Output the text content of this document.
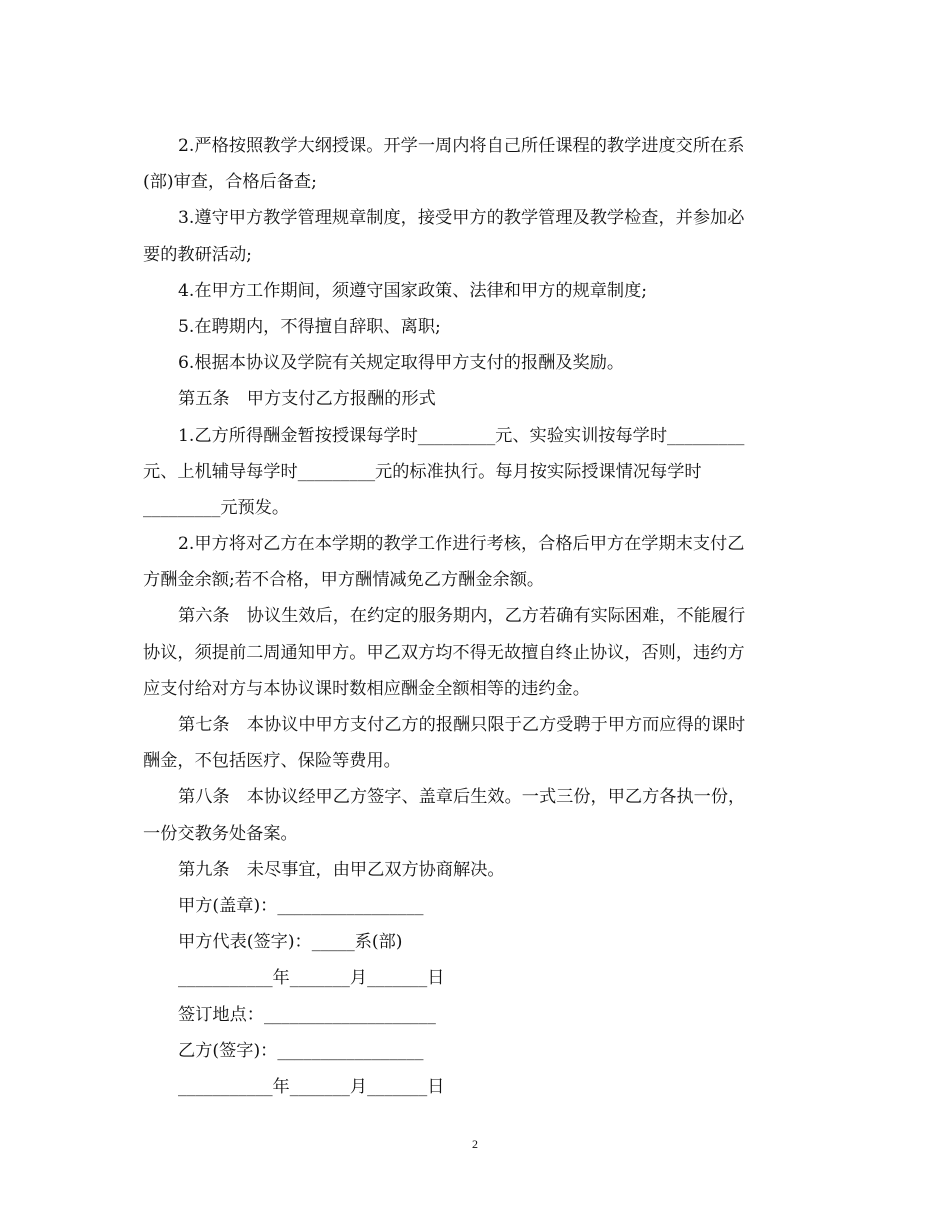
2.严格按照教学大纲授课。开学一周内将自己所任课程的教学进度交所在系
(部)审查，合格后备查;
3.遵守甲方教学管理规章制度，接受甲方的教学管理及教学检查，并参加必
要的教研活动;
4.在甲方工作期间，须遵守国家政策、法律和甲方的规章制度;
5.在聘期内，不得擅自辞职、离职;
6.根据本协议及学院有关规定取得甲方支付的报酬及奖励。
第五条　甲方支付乙方报酬的形式
1.乙方所得酬金暂按授课每学时_________元、实验实训按每学时_________
元、上机辅导每学时_________元的标准执行。每月按实际授课情况每学时
_________元预发。
2.甲方将对乙方在本学期的教学工作进行考核，合格后甲方在学期末支付乙
方酬金余额;若不合格，甲方酬情减免乙方酬金余额。
第六条　协议生效后，在约定的服务期内，乙方若确有实际困难，不能履行
协议，须提前二周通知甲方。甲乙双方均不得无故擅自终止协议，否则，违约方
应支付给对方与本协议课时数相应酬金全额相等的违约金。
第七条　本协议中甲方支付乙方的报酬只限于乙方受聘于甲方而应得的课时
酬金，不包括医疗、保险等费用。
第八条　本协议经甲乙方签字、盖章后生效。一式三份，甲乙方各执一份，
一份交教务处备案。
第九条　未尽事宜，由甲乙双方协商解决。
甲方(盖章)：_________________
甲方代表(签字)：_____系(部)
___________年_______月_______日
签订地点：____________________
乙方(签字)：_________________
___________年_______月_______日
2
